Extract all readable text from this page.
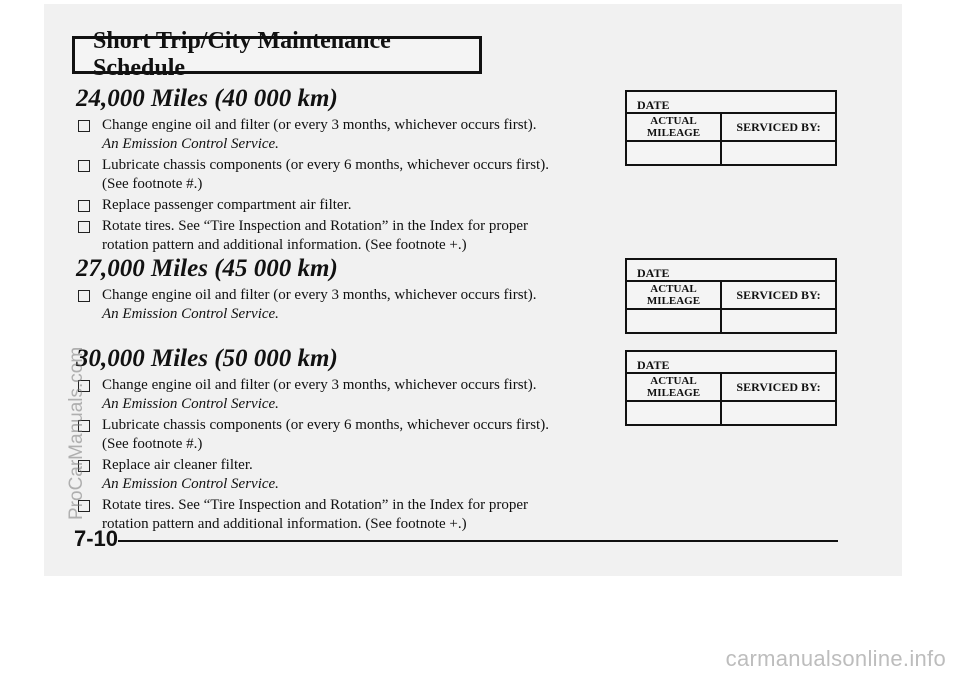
Short Trip/City Maintenance Schedule
24,000 Miles (40 000 km)
Change engine oil and filter (or every 3 months, whichever occurs first).
An Emission Control Service.
Lubricate chassis components (or every 6 months, whichever occurs first).
(See footnote #.)
Replace passenger compartment air filter.
Rotate tires. See “Tire Inspection and Rotation” in the Index for proper
rotation pattern and additional information. (See footnote +.)
27,000 Miles (45 000 km)
Change engine oil and filter (or every 3 months, whichever occurs first).
An Emission Control Service.
30,000 Miles (50 000 km)
Change engine oil and filter (or every 3 months, whichever occurs first).
An Emission Control Service.
Lubricate chassis components (or every 6 months, whichever occurs first).
(See footnote #.)
Replace air cleaner filter.
An Emission Control Service.
Rotate tires. See “Tire Inspection and Rotation” in the Index for proper
rotation pattern and additional information. (See footnote +.)
DATE
ACTUAL
MILEAGE	SERVICED BY:
DATE
ACTUAL
MILEAGE	SERVICED BY:
DATE
ACTUAL
MILEAGE	SERVICED BY:
7-10
ProCarManuals.com
carmanualsonline.info
